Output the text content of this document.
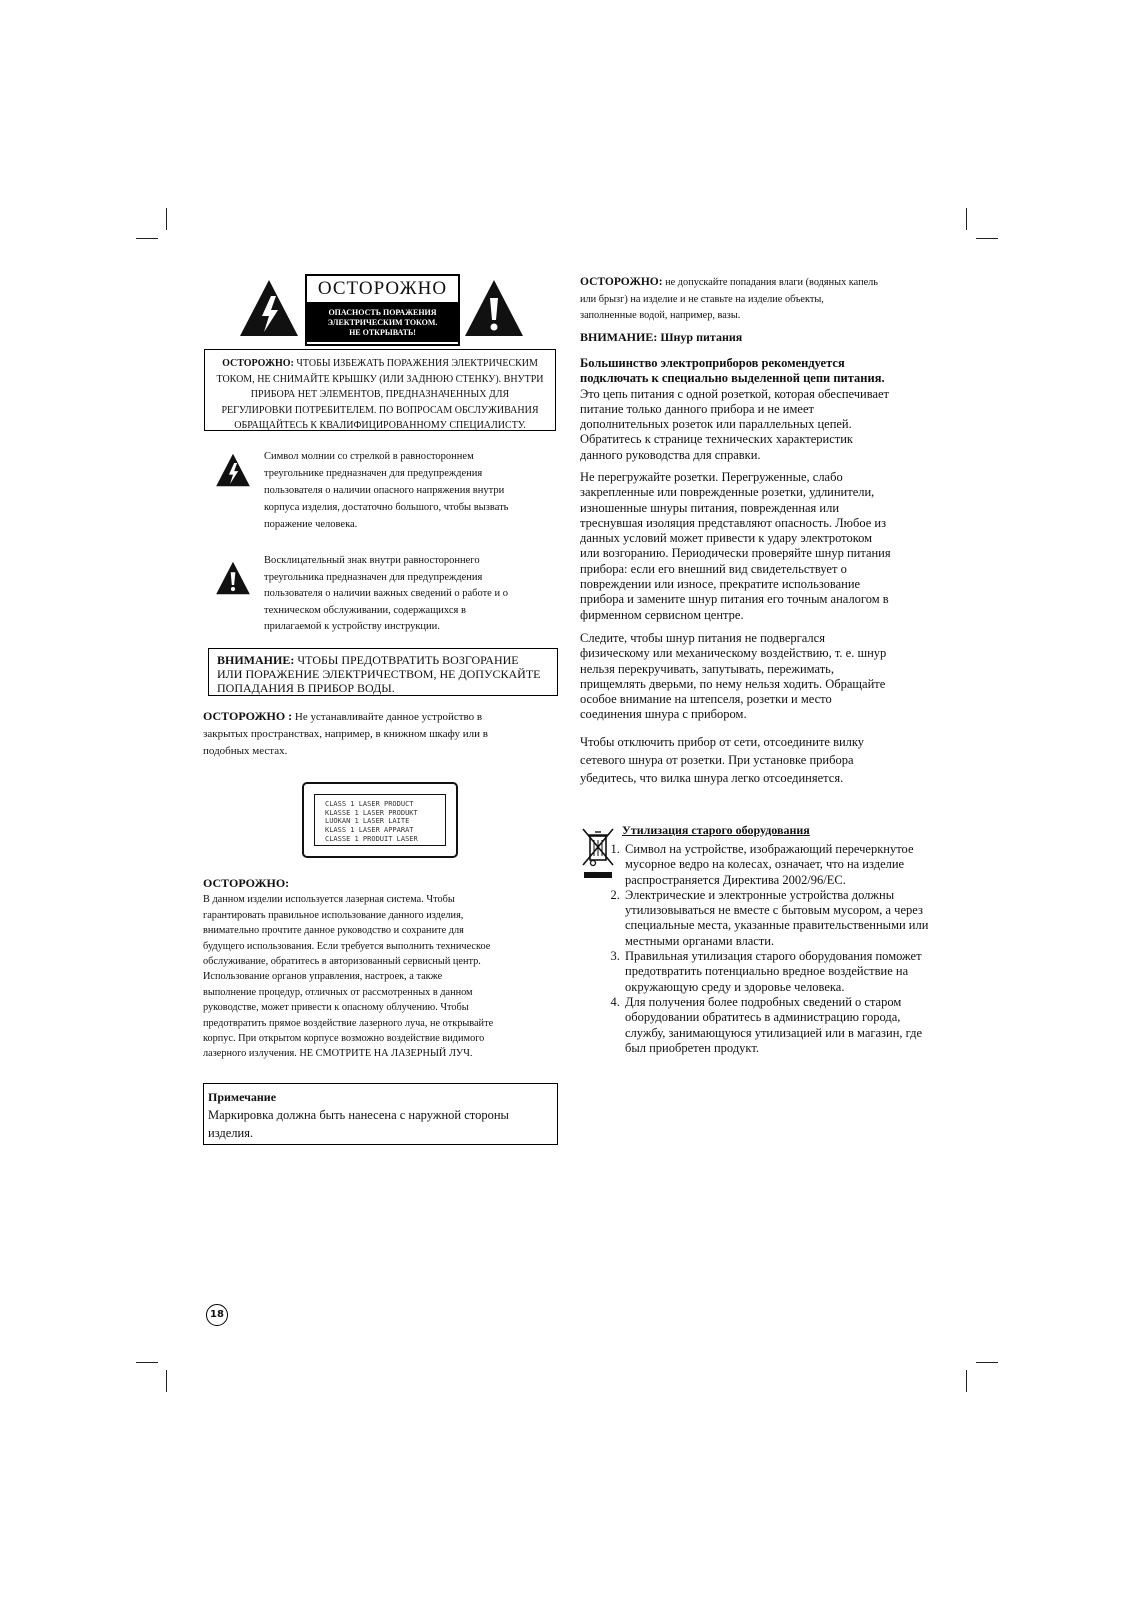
ОСТОРОЖНО
ОПАСНОСТЬ ПОРАЖЕНИЯ
ЭЛЕКТРИЧЕСКИМ ТОКОМ.
НЕ ОТКРЫВАТЬ!
ОСТОРОЖНО: ЧТОБЫ ИЗБЕЖАТЬ ПОРАЖЕНИЯ ЭЛЕКТРИЧЕСКИМ
ТОКОМ, НЕ СНИМАЙТЕ КРЫШКУ (ИЛИ ЗАДНЮЮ СТЕНКУ). ВНУТРИ
ПРИБОРА НЕТ ЭЛЕМЕНТОВ, ПРЕДНАЗНАЧЕННЫХ ДЛЯ
РЕГУЛИРОВКИ ПОТРЕБИТЕЛЕМ. ПО ВОПРОСАМ ОБСЛУЖИВАНИЯ
ОБРАЩАЙТЕСЬ К КВАЛИФИЦИРОВАННОМУ СПЕЦИАЛИСТУ.
Символ молнии со стрелкой в равностороннем
треугольнике предназначен для предупреждения
пользователя о наличии опасного напряжения внутри
корпуса изделия, достаточно большого, чтобы вызвать
поражение человека.
Восклицательный знак внутри равностороннего
треугольника предназначен для предупреждения
пользователя о наличии важных сведений о работе и о
техническом обслуживании, содержащихся в
прилагаемой к устройству инструкции.
ВНИМАНИЕ: ЧТОБЫ ПРЕДОТВРАТИТЬ ВОЗГОРАНИЕ
ИЛИ ПОРАЖЕНИЕ ЭЛЕКТРИЧЕСТВОМ, НЕ ДОПУСКАЙТЕ
ПОПАДАНИЯ В ПРИБОР ВОДЫ.
ОСТОРОЖНО : Не устанавливайте данное устройство в
закрытых пространствах, например, в книжном шкафу или в
подобных местах.
CLASS 1 LASER PRODUCT
KLASSE 1 LASER PRODUKT
LUOKAN 1 LASER LAITE
KLASS 1 LASER APPARAT
CLASSE 1 PRODUIT LASER
ОСТОРОЖНО:
В данном изделии используется лазерная система. Чтобы
гарантировать правильное использование данного изделия,
внимательно прочтите данное руководство и сохраните для
будущего использования. Если требуется выполнить техническое
обслуживание, обратитесь в авторизованный сервисный центр.
Использование органов управления, настроек, а также
выполнение процедур, отличных от рассмотренных в данном
руководстве, может привести к опасному облучению. Чтобы
предотвратить прямое воздействие лазерного луча, не открывайте
корпус. При открытом корпусе возможно воздействие видимого
лазерного излучения. НЕ СМОТРИТЕ НА ЛАЗЕРНЫЙ ЛУЧ.
Примечание
Маркировка должна быть нанесена с наружной стороны
изделия.
18
ОСТОРОЖНО: не допускайте попадания влаги (водяных капель
или брызг) на изделие и не ставьте на изделие объекты,
заполненные водой, например, вазы.
ВНИМАНИЕ: Шнур питания
Большинство электроприборов рекомендуется
подключать к специально выделенной цепи питания.
Это цепь питания с одной розеткой, которая обеспечивает
питание только данного прибора и не имеет
дополнительных розеток или параллельных цепей.
Обратитесь к странице технических характеристик
данного руководства для справки.
Не перегружайте розетки. Перегруженные, слабо
закрепленные или поврежденные розетки, удлинители,
изношенные шнуры питания, поврежденная или
треснувшая изоляция представляют опасность. Любое из
данных условий может привести к удару электротоком
или возгоранию. Периодически проверяйте шнур питания
прибора: если его внешний вид свидетельствует о
повреждении или износе, прекратите использование
прибора и замените шнур питания его точным аналогом в
фирменном сервисном центре.
Следите, чтобы шнур питания не подвергался
физическому или механическому воздействию, т. е. шнур
нельзя перекручивать, запутывать, пережимать,
прищемлять дверьми, по нему нельзя ходить. Обращайте
особое внимание на штепселя, розетки и место
соединения шнура с прибором.
Чтобы отключить прибор от сети, отсоедините вилку
сетевого шнура от розетки. При установке прибора
убедитесь, что вилка шнура легко отсоединяется.
Утилизация старого оборудования
1. Символ на устройстве, изображающий перечеркнутое мусорное ведро на колесах, означает, что на изделие распространяется Директива 2002/96/EC.
2. Электрические и электронные устройства должны утилизовываться не вместе с бытовым мусором, а через специальные места, указанные правительственными или местными органами власти.
3. Правильная утилизация старого оборудования поможет предотвратить потенциально вредное воздействие на окружающую среду и здоровье человека.
4. Для получения более подробных сведений о старом оборудовании обратитесь в администрацию города, службу, занимающуюся утилизацией или в магазин, где был приобретен продукт.
